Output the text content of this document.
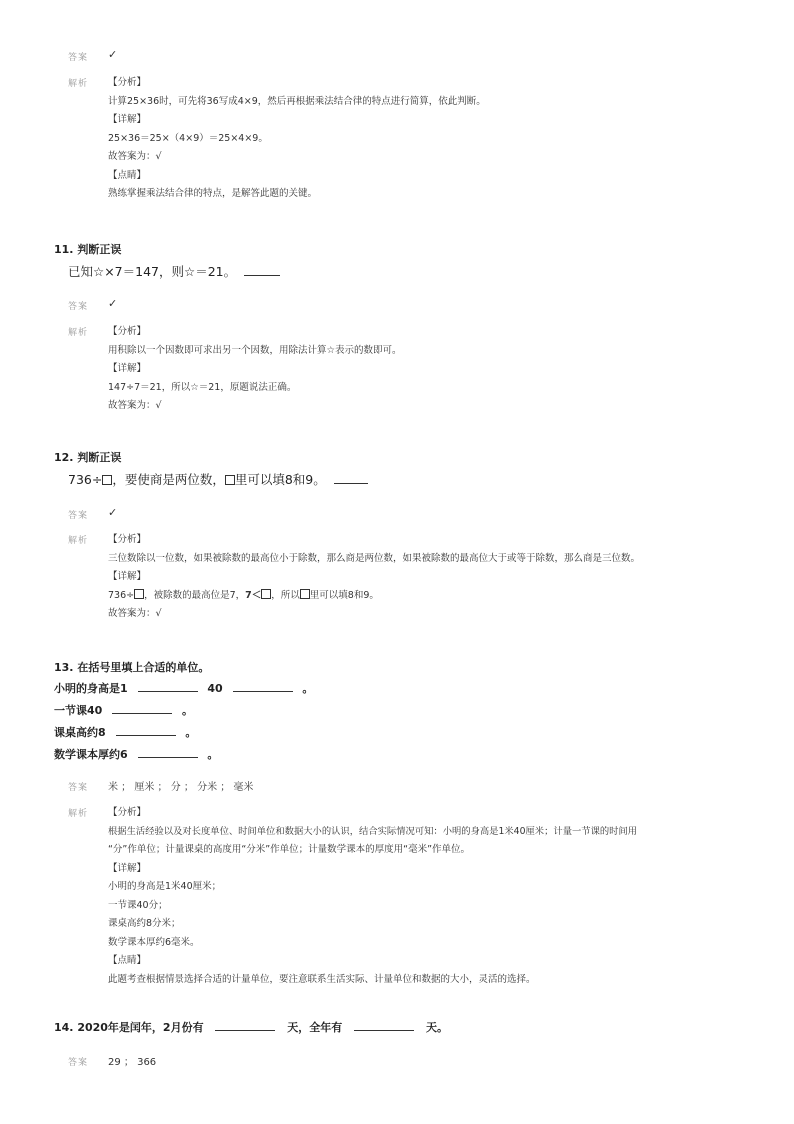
答案 ✓
解析 【分析】
计算25×36时，可先将36写成4×9，然后再根据乘法结合律的特点进行简算，依此判断。
【详解】
25×36＝25×（4×9）＝25×4×9。
故答案为：√
【点睛】
熟练掌握乘法结合律的特点，是解答此题的关键。
11. 判断正误
已知☆×7＝147，则☆＝21。
答案 ✓
解析 【分析】
用积除以一个因数即可求出另一个因数，用除法计算☆表示的数即可。
【详解】
147÷7＝21，所以☆＝21，原题说法正确。
故答案为：√
12. 判断正误
736÷ ，要使商是两位数， 里可以填8和9。
答案 ✓
解析 【分析】
三位数除以一位数，如果被除数的最高位小于除数，那么商是两位数，如果被除数的最高位大于或等于除数，那么商是三位数。
【详解】
736÷ ，被除数的最高位是7，7＜ ，所以 里可以填8和9。
故答案为：√
13. 在括号里填上合适的单位。
小明的身高是1	40	。
一节课40	。
课桌高约8	。
数学课本厚约6	。
答案 米 ； 厘米 ； 分 ； 分米 ； 毫米
解析 【分析】
根据生活经验以及对长度单位、时间单位和数据大小的认识，结合实际情况可知：小明的身高是1米40厘米；计量一节课的时间用
“分”作单位；计量课桌的高度用“分米”作单位；计量数学课本的厚度用“毫米”作单位。
【详解】
小明的身高是1米40厘米；
一节课40分；
课桌高约8分米；
数学课本厚约6毫米。
【点睛】
此题考查根据情景选择合适的计量单位，要注意联系生活实际、计量单位和数据的大小，灵活的选择。
14. 2020年是闰年，2月份有	天，全年有	天。
答案 29 ； 366
